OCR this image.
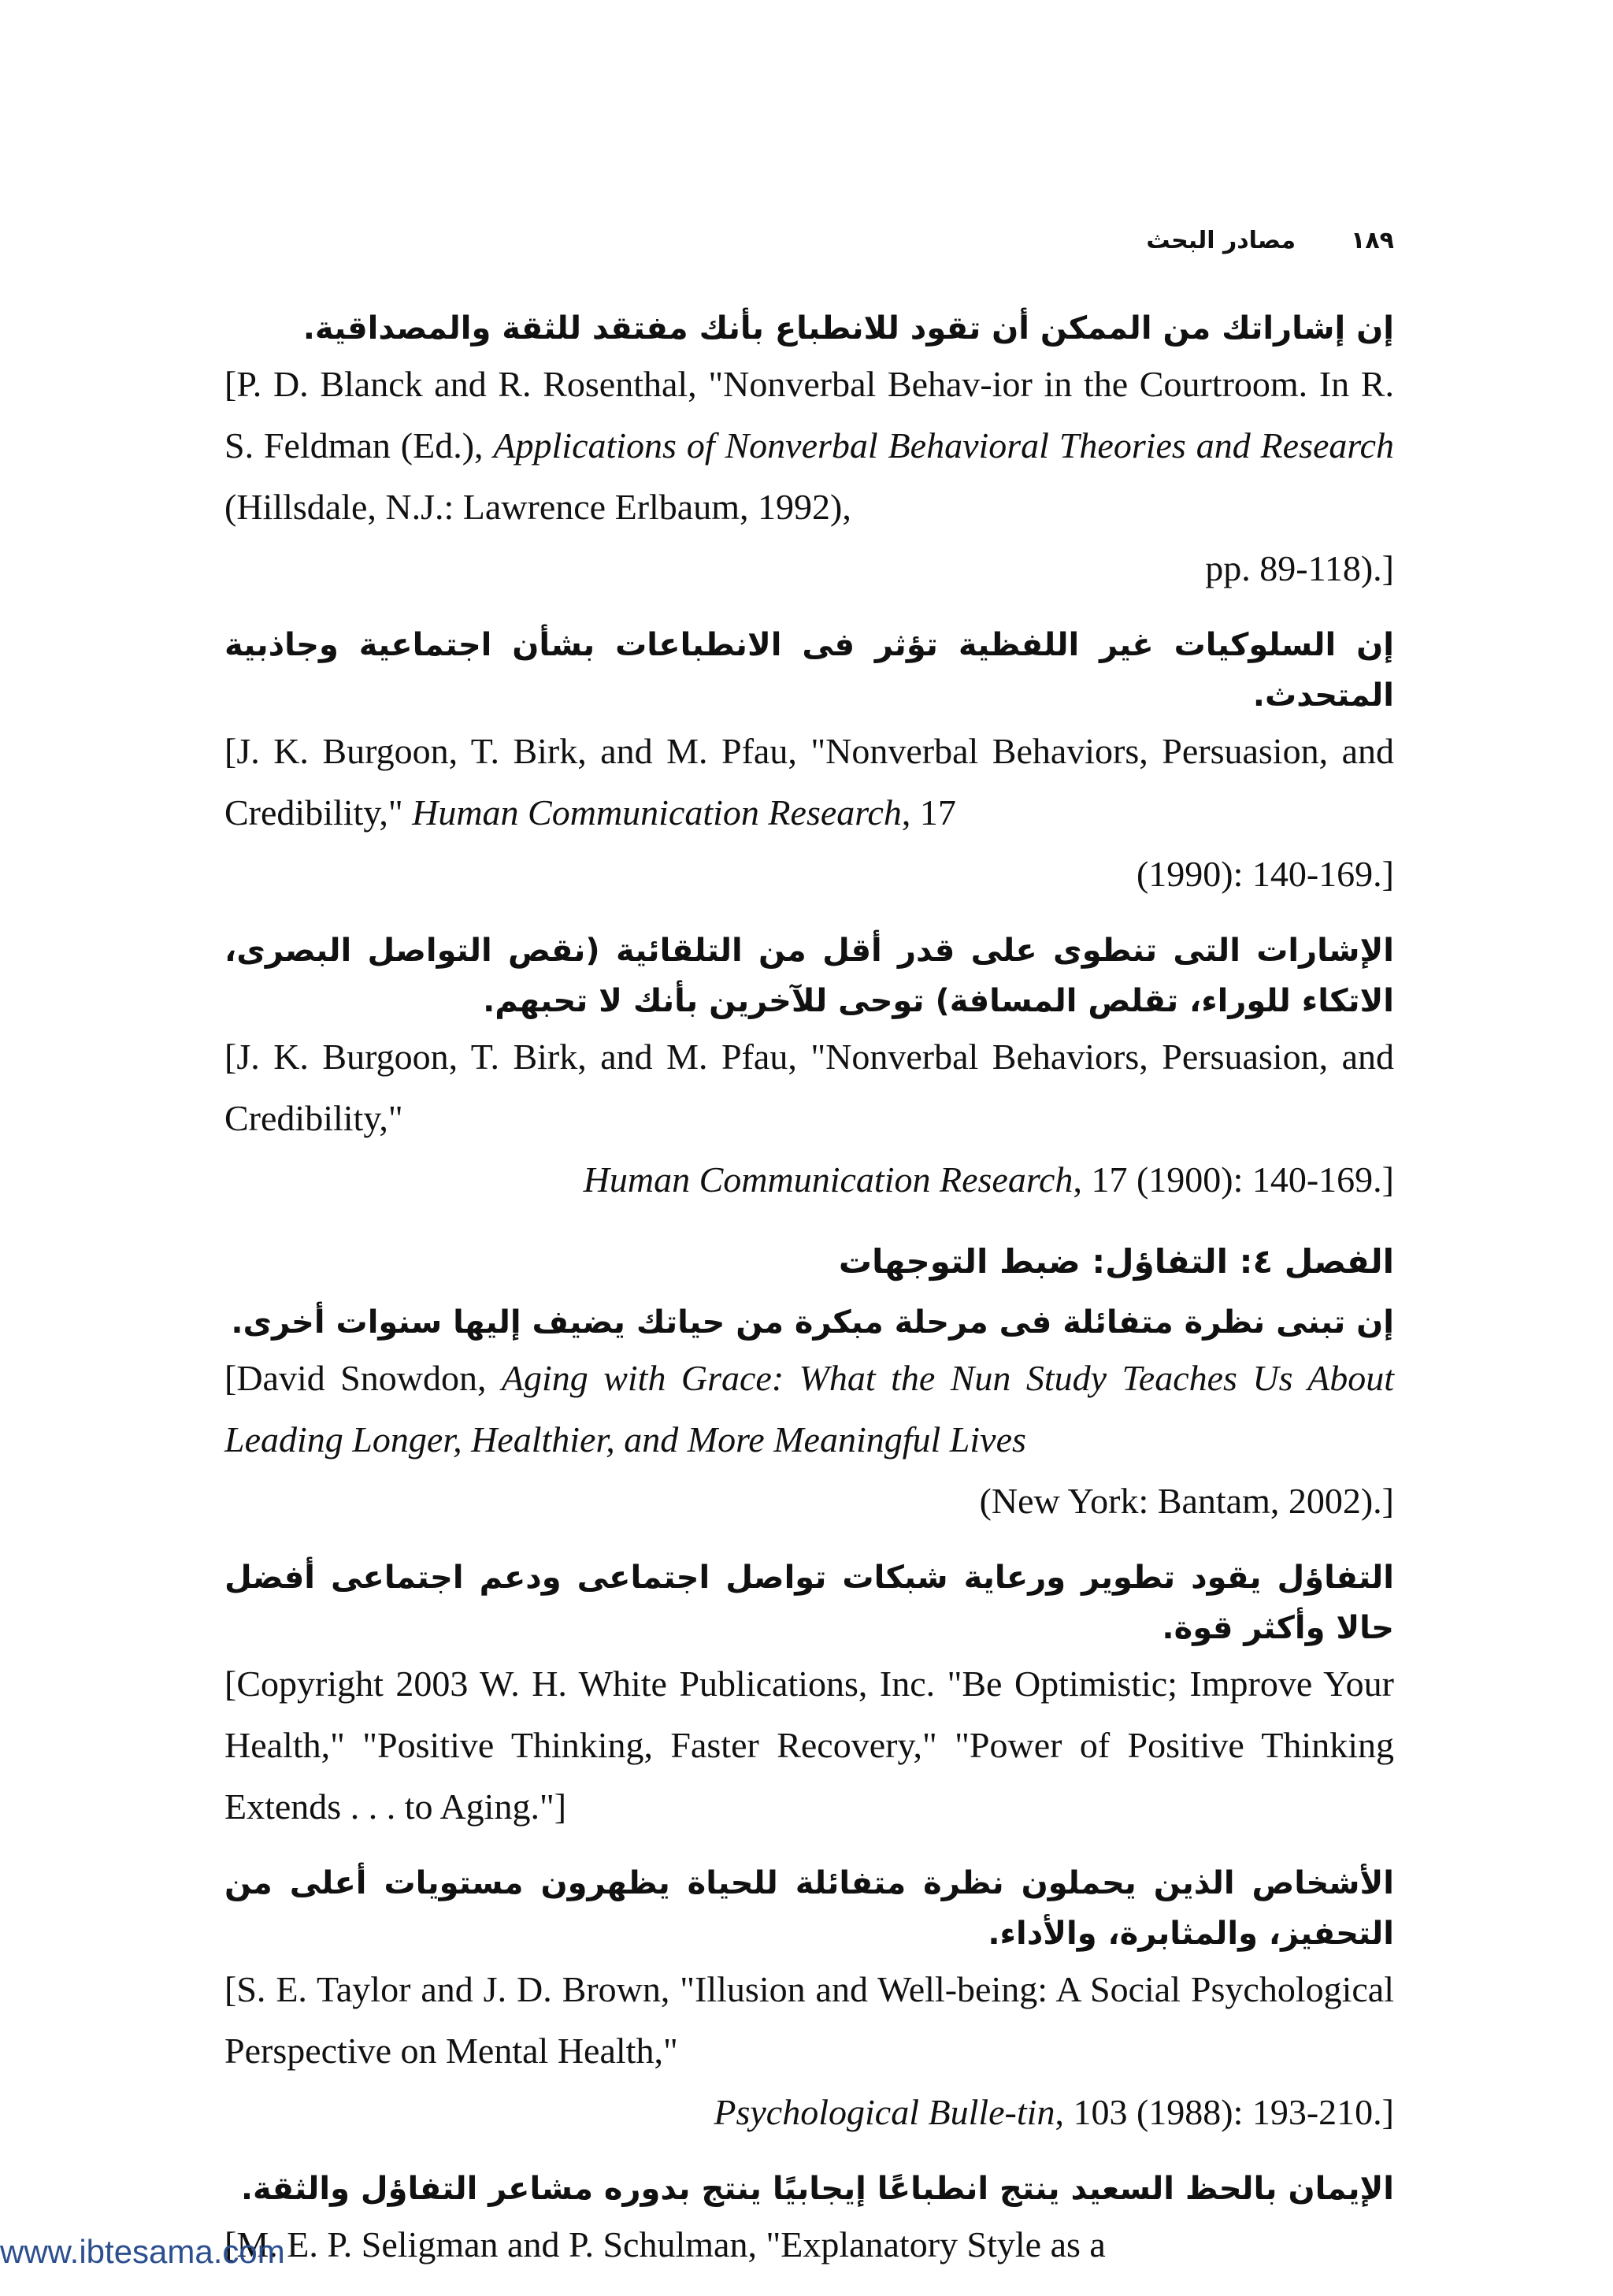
١٨٩
مصادر البحث
إن إشاراتك من الممكن أن تقود للانطباع بأنك مفتقد للثقة والمصداقية.
[P. D. Blanck and R. Rosenthal, "Nonverbal Behav-ior in the Courtroom. In R. S. Feldman (Ed.), Applications of Nonverbal Behavioral Theories and Research (Hillsdale, N.J.: Lawrence Erlbaum, 1992),
pp. 89-118).]
إن السلوكيات غير اللفظية تؤثر فى الانطباعات بشأن اجتماعية وجاذبية المتحدث.
[J. K. Burgoon, T. Birk, and M. Pfau, "Nonverbal Behaviors, Persuasion, and Credibility," Human Communication Research, 17
(1990): 140-169.]
الإشارات التى تنطوى على قدر أقل من التلقائية (نقص التواصل البصرى، الاتكاء للوراء، تقلص المسافة) توحى للآخرين بأنك لا تحبهم.
[J. K. Burgoon, T. Birk, and M. Pfau, "Nonverbal Behaviors, Persuasion, and Credibility,"
Human Communication Research, 17 (1900): 140-169.]
الفصل ٤: التفاؤل: ضبط التوجهات
إن تبنى نظرة متفائلة فى مرحلة مبكرة من حياتك يضيف إليها سنوات أخرى.
[David Snowdon, Aging with Grace: What the Nun Study Teaches Us About Leading Longer, Healthier, and More Meaningful Lives
(New York: Bantam, 2002).]
التفاؤل يقود تطوير ورعاية شبكات تواصل اجتماعى ودعم اجتماعى أفضل حالا وأكثر قوة.
[Copyright 2003 W. H. White Publications, Inc. "Be Optimistic; Improve Your Health," "Positive Thinking, Faster Recovery," "Power of Positive Thinking Extends . . . to Aging."]
الأشخاص الذين يحملون نظرة متفائلة للحياة يظهرون مستويات أعلى من التحفيز، والمثابرة، والأداء.
[S. E. Taylor and J. D. Brown, "Illusion and Well-being: A Social Psychological Perspective on Mental Health,"
Psychological Bulle-tin, 103 (1988): 193-210.]
الإيمان بالحظ السعيد ينتج انطباعًا إيجابيًا ينتج بدوره مشاعر التفاؤل والثقة.
[M. E. P. Seligman and P. Schulman, "Explanatory Style as a
www.ibtesama.com
